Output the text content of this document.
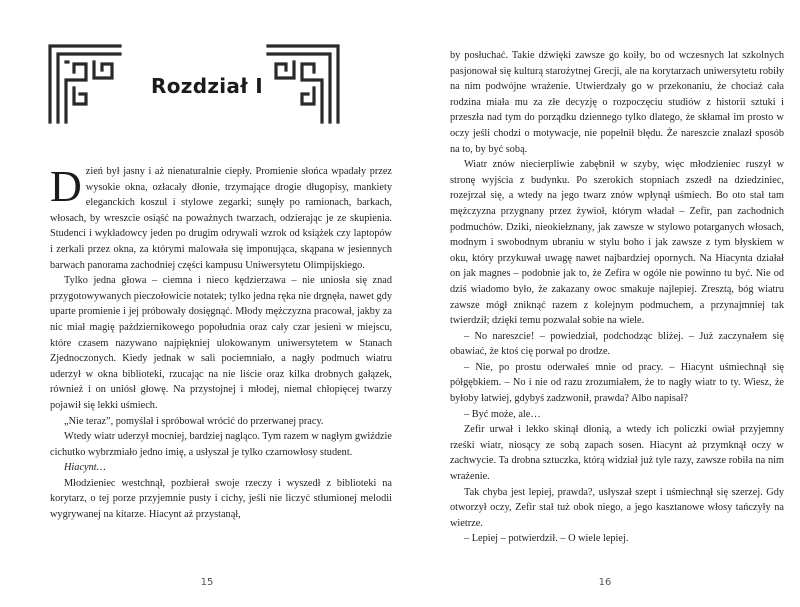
Rozdział I

Dzień był jasny i aż nienaturalnie ciepły. Promienie słońca wpadały przez wysokie okna, ozłacały dłonie, trzymające drogie długopisy, mankiety eleganckich koszul i stylowe zegarki; sunęły po ramionach, barkach, włosach, by wreszcie osiąść na poważnych twarzach, odzierając je ze skupienia. Studenci i wykładowcy jeden po drugim odrywali wzrok od książek czy laptopów i zerkali przez okna, za którymi malowała się imponująca, skąpana w jesiennych barwach panorama zachodniej części kampusu Uniwersytetu Olimpijskiego.

Tylko jedna głowa – ciemna i nieco kędzierzawa – nie uniosła się znad przygotowywanych pieczołowicie notatek; tylko jedna ręka nie drgnęła, nawet gdy uparte promienie i jej próbowały dosięgnąć. Młody mężczyzna pracował, jakby za nic miał magię październikowego popołudnia oraz cały czar jesieni w miejscu, które czasem nazywano najpiękniej ulokowanym uniwersytetem w Stanach Zjednoczonych. Kiedy jednak w sali pociemniało, a nagły podmuch wiatru uderzył w okna biblioteki, rzucając na nie liście oraz kilka drobnych gałązek, również i on uniósł głowę. Na przystojnej i młodej, niemal chłopięcej twarzy pojawił się lekki uśmiech.

„Nie teraz”, pomyślał i spróbował wrócić do przerwanej pracy.

Wtedy wiatr uderzył mocniej, bardziej nagląco. Tym razem w nagłym gwiździe cichutko wybrzmiało jedno imię, a usłyszał je tylko czarnowłosy student.

Hiacynt…

Młodzieniec westchnął, pozbierał swoje rzeczy i wyszedł z biblioteki na korytarz, o tej porze przyjemnie pusty i cichy, jeśli nie liczyć stłumionej melodii wygrywanej na kitarze. Hiacynt aż przystanął,

15

by posłuchać. Takie dźwięki zawsze go koiły, bo od wczesnych lat szkolnych pasjonował się kulturą starożytnej Grecji, ale na korytarzach uniwersytetu robiły na nim podwójne wrażenie. Utwierdzały go w przekonaniu, że chociaż cała rodzina miała mu za złe decyzję o rozpoczęciu studiów z historii sztuki i przeszła nad tym do porządku dziennego tylko dlatego, że skłamał im prosto w oczy jeśli chodzi o motywacje, nie popełnił błędu. Że nareszcie znalazł sposób na to, by być sobą.

Wiatr znów niecierpliwie zabębnił w szyby, więc młodzieniec ruszył w stronę wyjścia z budynku. Po szerokich stopniach zszedł na dziedziniec, rozejrzał się, a wtedy na jego twarz znów wpłynął uśmiech. Bo oto stał tam mężczyzna przygnany przez żywioł, którym władał – Zefir, pan zachodnich podmuchów. Dziki, nieokiełznany, jak zawsze w stylowo potarganych włosach, modnym i swobodnym ubraniu w stylu boho i jak zawsze z tym błyskiem w oku, który przykuwał uwagę nawet najbardziej opornych. Na Hiacynta działał on jak magnes – podobnie jak to, że Zefira w ogóle nie powinno tu być. Nie od dziś wiadomo było, że zakazany owoc smakuje najlepiej. Zresztą, bóg wiatru zawsze mógł zniknąć razem z kolejnym podmuchem, a przynajmniej tak twierdził; dzięki temu pozwalał sobie na wiele.

– No nareszcie! – powiedział, podchodząc bliżej. – Już zaczynałem się obawiać, że ktoś cię porwał po drodze.

– Nie, po prostu oderwałeś mnie od pracy. – Hiacynt uśmiechnął się półgębkiem. – No i nie od razu zrozumiałem, że to nagły wiatr to ty. Wiesz, że byłoby łatwiej, gdybyś zadzwonił, prawda? Albo napisał?

– Być może, ale…

Zefir urwał i lekko skinął dłonią, a wtedy ich policzki owiał przyjemny rześki wiatr, niosący ze sobą zapach sosen. Hiacynt aż przymknął oczy w zachwycie. Ta drobna sztuczka, którą widział już tyle razy, zawsze robiła na nim wrażenie.

Tak chyba jest lepiej, prawda?, usłyszał szept i uśmiechnął się szerzej. Gdy otworzył oczy, Zefir stał tuż obok niego, a jego kasztanowe włosy tańczyły na wietrze.

– Lepiej – potwierdził. – O wiele lepiej.

16
